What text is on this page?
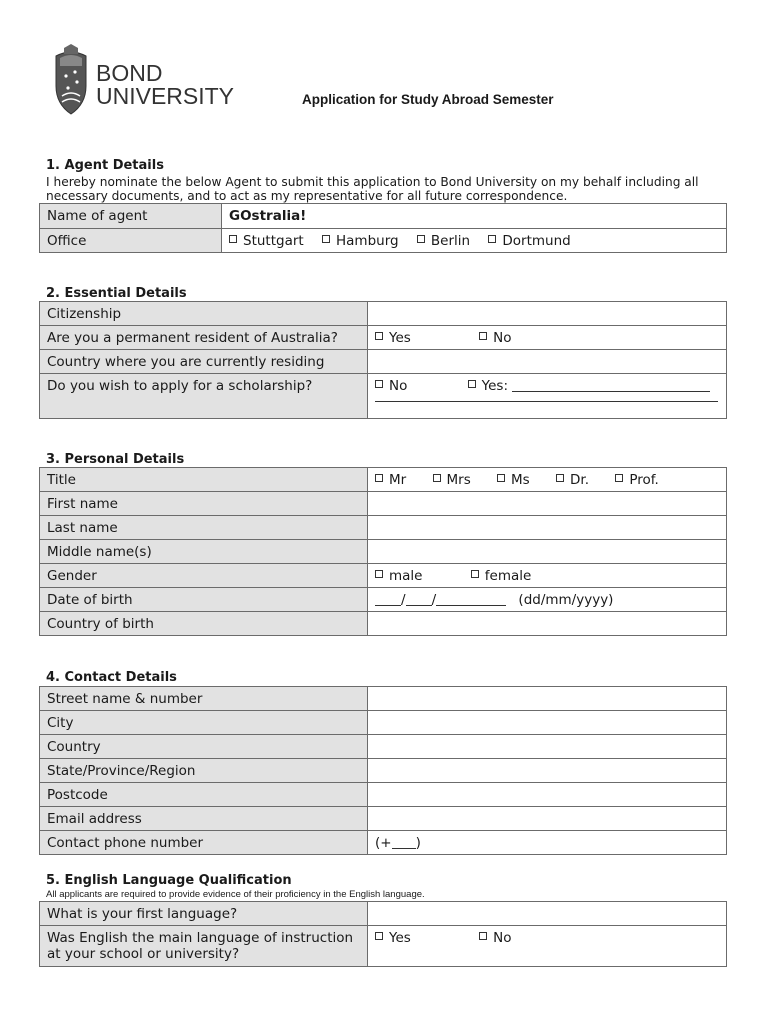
BOND
UNIVERSITY	Application for Study Abroad Semester
1. Agent Details
I hereby nominate the below Agent to submit this application to Bond University on my behalf including all necessary documents, and to act as my representative for all future correspondence.
Name of agent	GOstralia!
Office	Stuttgart Hamburg Berlin Dortmund
2. Essential Details
Citizenship	
Are you a permanent resident of Australia?	Yes No
Country where you are currently residing	
Do you wish to apply for a scholarship?	No Yes:
3. Personal Details
Title	Mr Mrs Ms Dr. Prof.
First name	
Last name	
Middle name(s)	
Gender	male female
Date of birth	/ / (dd/mm/yyyy)
Country of birth	
4. Contact Details
Street name & number	
City	
Country	
State/Province/Region	
Postcode	
Email address	
Contact phone number	(+ )
5. English Language Qualification
All applicants are required to provide evidence of their proficiency in the English language.
What is your first language?	
Was English the main language of instruction at your school or university?	Yes No
